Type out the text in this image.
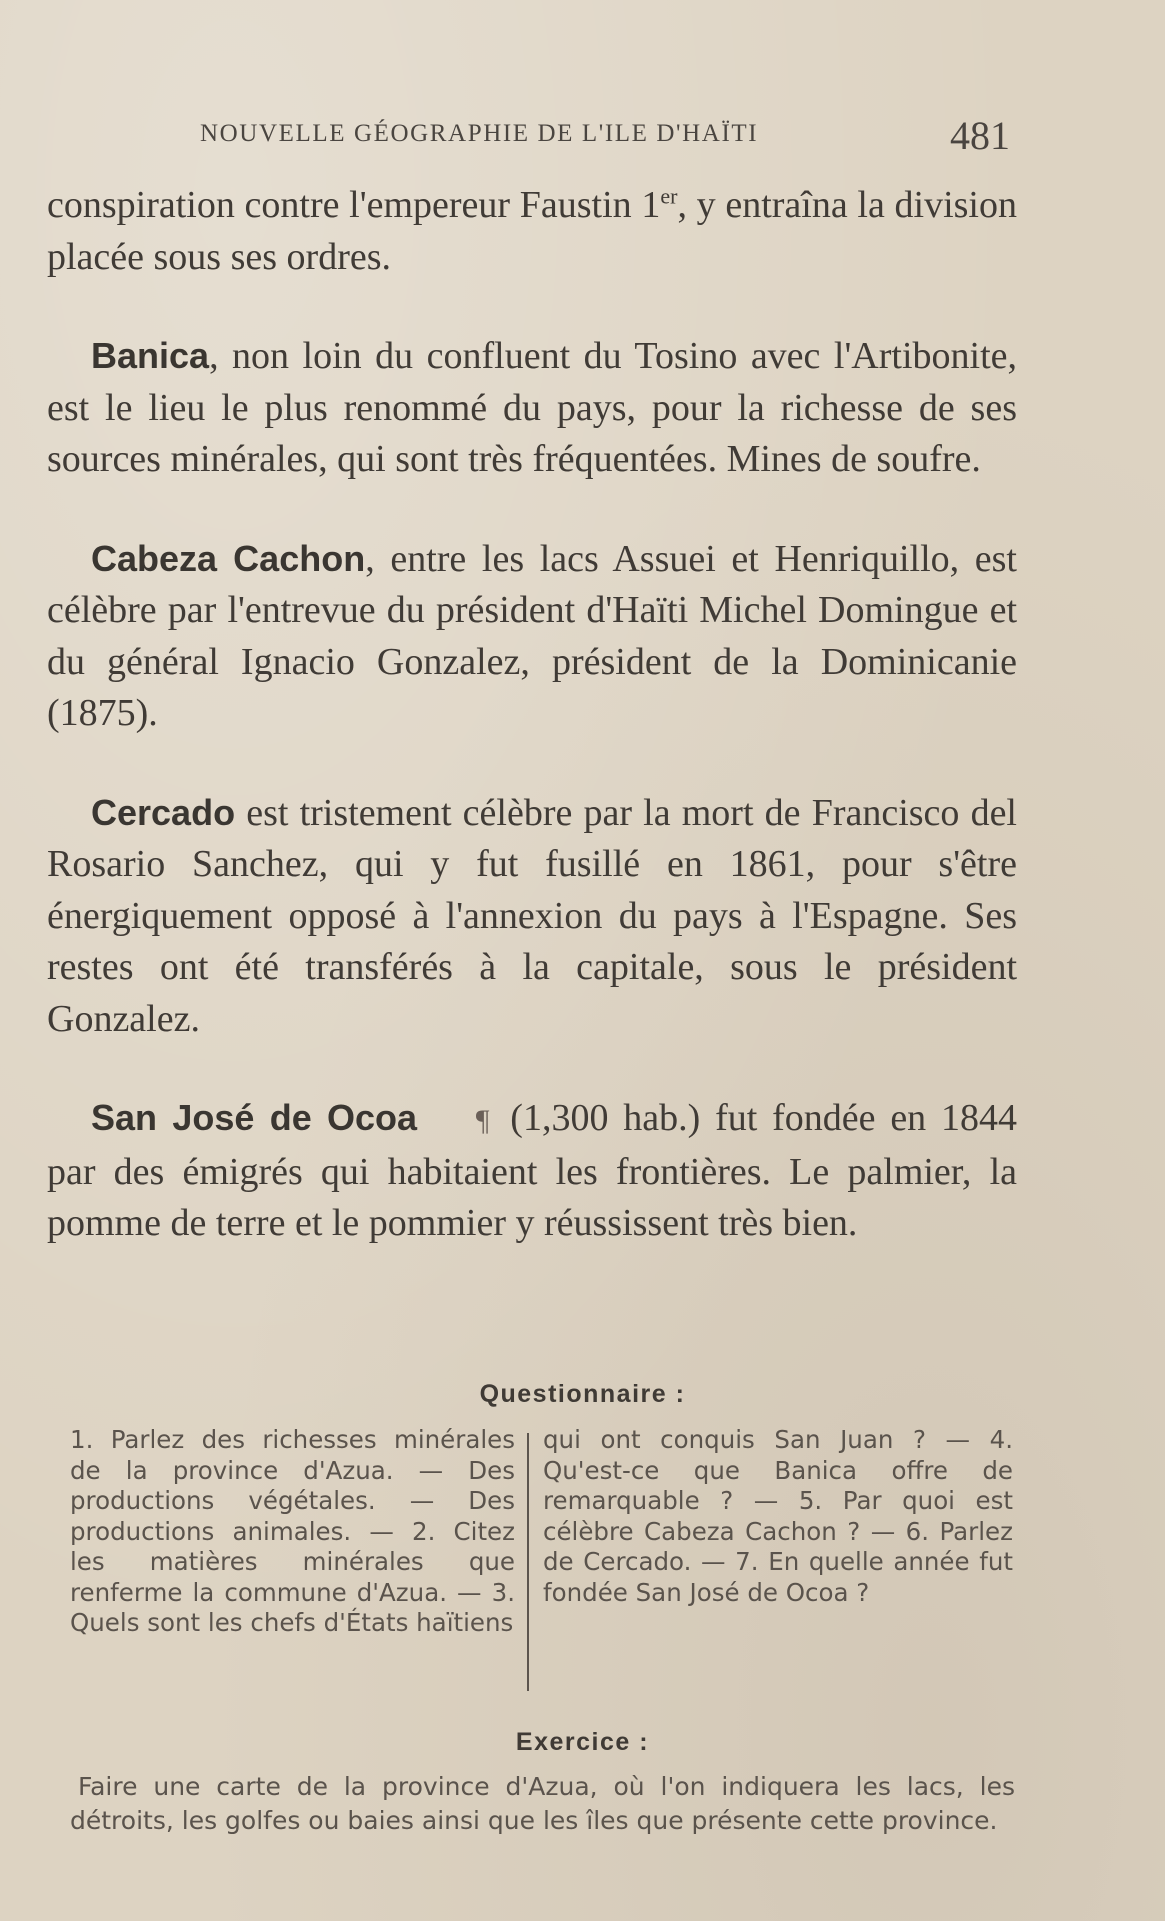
NOUVELLE GÉOGRAPHIE DE L'ILE D'HAÏTI	481

conspiration contre l'empereur Faustin 1er, y entraîna la division placée sous ses ordres.

Banica, non loin du confluent du Tosino avec l'Artibonite, est le lieu le plus renommé du pays, pour la richesse de ses sources minérales, qui sont très fréquentées. Mines de soufre.

Cabeza Cachon, entre les lacs Assuei et Henriquillo, est célèbre par l'entrevue du président d'Haïti Michel Domingue et du général Ignacio Gonzalez, président de la Dominicanie (1875).

Cercado est tristement célèbre par la mort de Francisco del Rosario Sanchez, qui y fut fusillé en 1861, pour s'être énergiquement opposé à l'annexion du pays à l'Espagne. Ses restes ont été transférés à la capitale, sous le président Gonzalez.

San José de Ocoa ¶ (1,300 hab.) fut fondée en 1844 par des émigrés qui habitaient les frontières. Le palmier, la pomme de terre et le pommier y réussissent très bien.

Questionnaire :
1. Parlez des richesses minérales de la province d'Azua. — Des productions végétales. — Des productions animales. — 2. Citez les matières minérales que renferme la commune d'Azua. — 3. Quels sont les chefs d'États haïtiens
qui ont conquis San Juan ? — 4. Qu'est-ce que Banica offre de remarquable ? — 5. Par quoi est célèbre Cabeza Cachon ? — 6. Parlez de Cercado. — 7. En quelle année fut fondée San José de Ocoa ?
Exercice :
Faire une carte de la province d'Azua, où l'on indiquera les lacs, les détroits, les golfes ou baies ainsi que les îles que présente cette province.
